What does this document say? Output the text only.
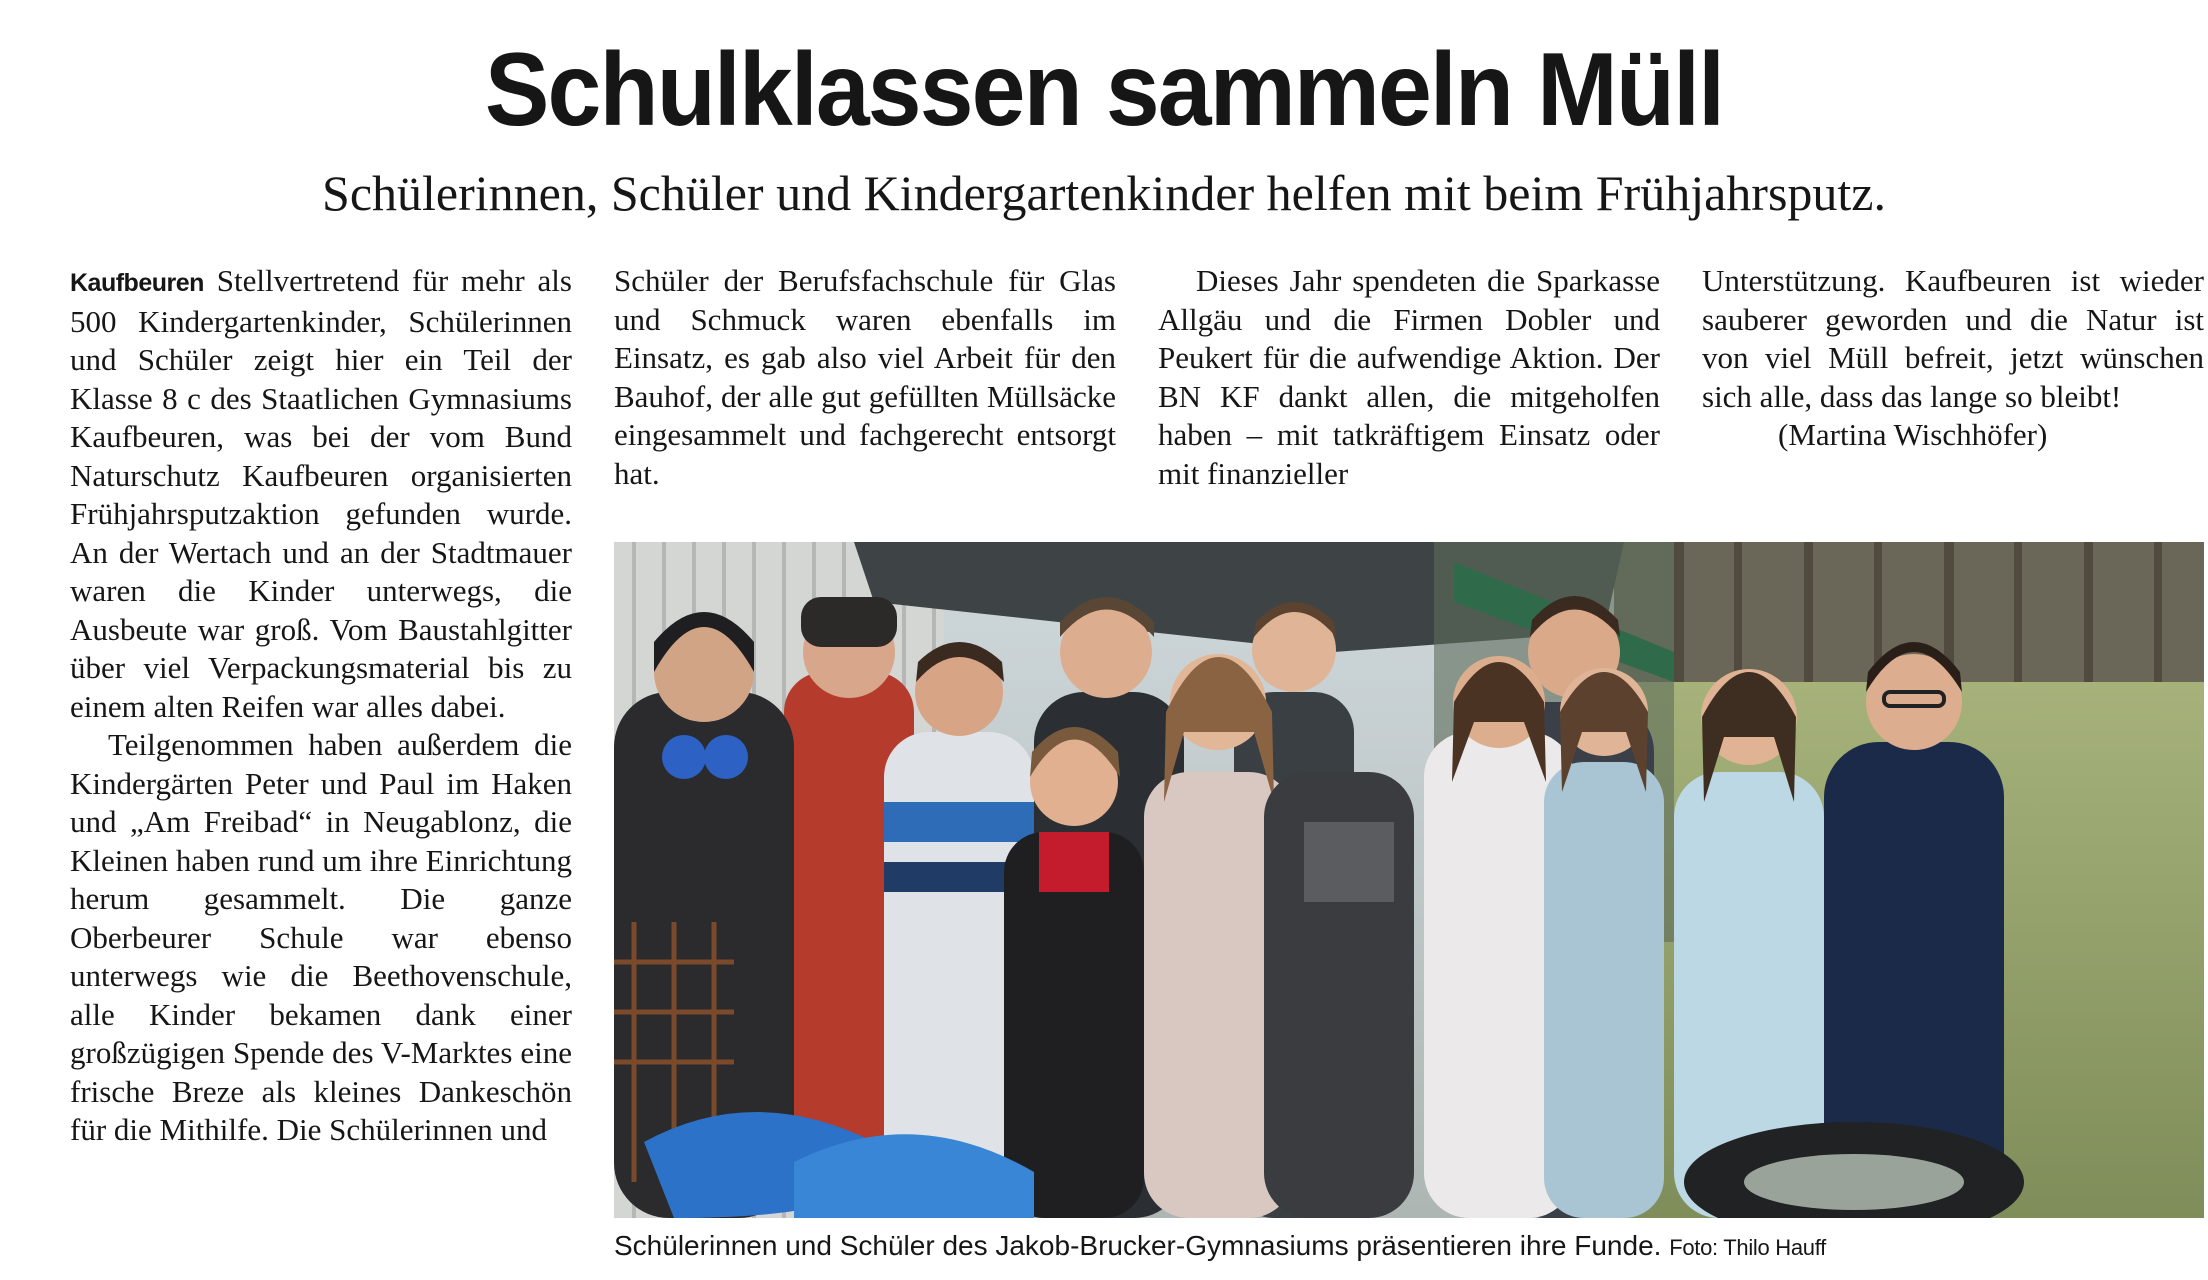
Schulklassen sammeln Müll
Schülerinnen, Schüler und Kindergartenkinder helfen mit beim Frühjahrsputz.

Kaufbeuren Stellvertretend für mehr als 500 Kindergartenkinder, Schülerinnen und Schüler zeigt hier ein Teil der Klasse 8 c des Staatlichen Gymnasiums Kaufbeuren, was bei der vom Bund Naturschutz Kaufbeuren organisierten Frühjahrsputzaktion gefunden wurde. An der Wertach und an der Stadtmauer waren die Kinder unterwegs, die Ausbeute war groß. Vom Baustahlgitter über viel Verpackungsmaterial bis zu einem alten Reifen war alles dabei.

Teilgenommen haben außerdem die Kindergärten Peter und Paul im Haken und „Am Freibad“ in Neugablonz, die Kleinen haben rund um ihre Einrichtung herum gesammelt. Die ganze Oberbeurer Schule war ebenso unterwegs wie die Beethovenschule, alle Kinder bekamen dank einer großzügigen Spende des V-Marktes eine frische Breze als kleines Dankeschön für die Mithilfe. Die Schülerinnen und

Schüler der Berufsfachschule für Glas und Schmuck waren ebenfalls im Einsatz, es gab also viel Arbeit für den Bauhof, der alle gut gefüllten Müllsäcke eingesammelt und fachgerecht entsorgt hat.

Dieses Jahr spendeten die Sparkasse Allgäu und die Firmen Dobler und Peukert für die aufwendige Aktion. Der BN KF dankt allen, die mitgeholfen haben – mit tatkräftigem Einsatz oder mit finanzieller

Unterstützung. Kaufbeuren ist wieder sauberer geworden und die Natur ist von viel Müll befreit, jetzt wünschen sich alle, dass das lange so bleibt!

(Martina Wischhöfer)

Schülerinnen und Schüler des Jakob-Brucker-Gymnasiums präsentieren ihre Funde. Foto: Thilo Hauff
